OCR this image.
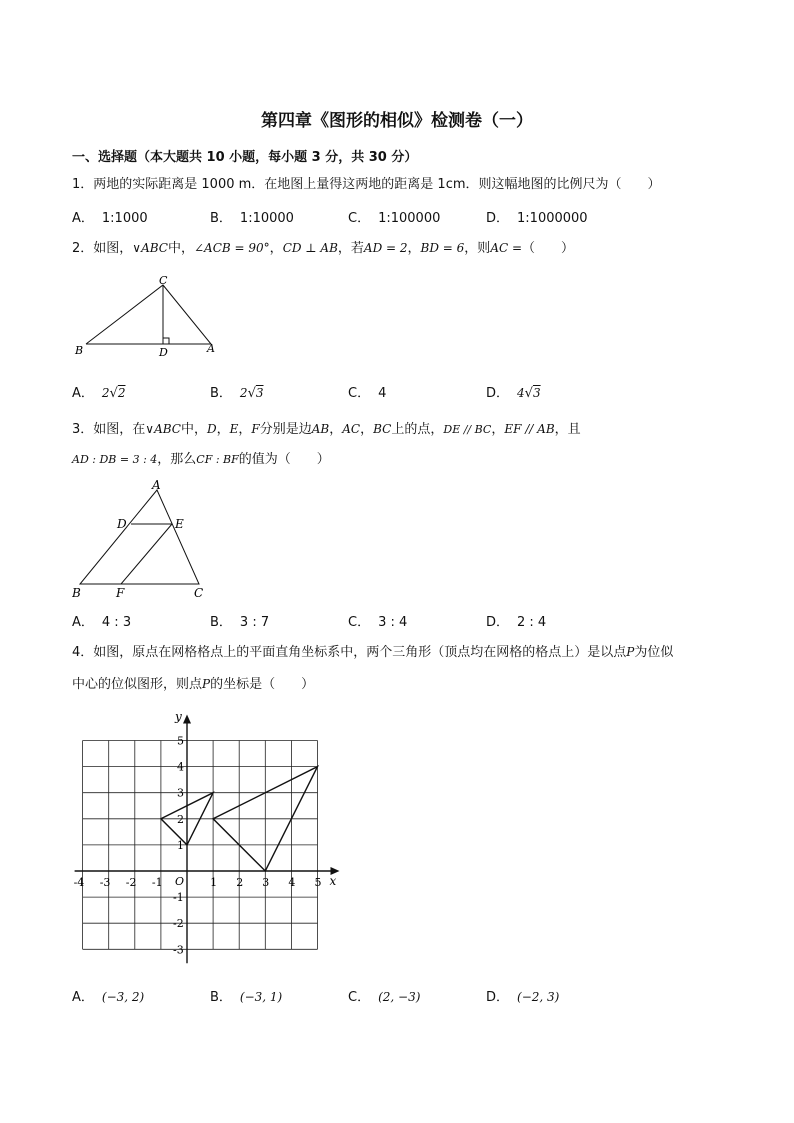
第四章《图形的相似》检测卷（一）
一、选择题（本大题共 10 小题，每小题 3 分，共 30 分）
1．两地的实际距离是 1000 m．在地图上量得这两地的距离是 1cm．则这幅地图的比例尺为（　　）
A． 1:1000	B． 1:10000	C． 1:100000	D． 1:1000000
2．如图，∨ABC中，∠ACB = 90°，CD ⊥ AB，若AD = 2，BD = 6，则AC =（　　）
B
C
D	A
A． 2√2	B． 2√3	C． 4	D． 4√3
3．如图，在∨ABC中，D，E，F分别是边AB，AC，BC上的点，DE // BC，EF // AB，且
AD : DB = 3 : 4，那么CF : BF的值为（　　）
A
D	E
B	F	C
A． 4 : 3	B． 3 : 7	C． 3 : 4	D． 2 : 4
4．如图，原点在网格格点上的平面直角坐标系中，两个三角形（顶点均在网格的格点上）是以点P为位似
中心的位似图形，则点P的坐标是（　　）
x
y
-4 -3 -2 -1	1 2 3 4 5
5
4
3
2
1
-1
-2
-3
O
A． (−3, 2)	B． (−3, 1)	C． (2, −3)	D． (−2, 3)
